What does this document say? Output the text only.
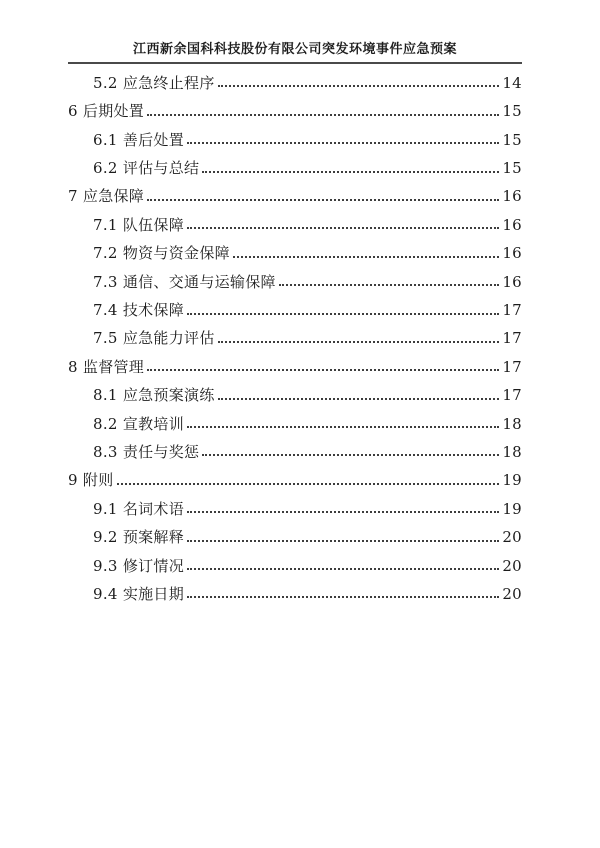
江西新余国科科技股份有限公司突发环境事件应急预案
5.2 应急终止程序	14
6 后期处置	15
6.1 善后处置	15
6.2 评估与总结	15
7 应急保障	16
7.1 队伍保障	16
7.2 物资与资金保障	16
7.3 通信、交通与运输保障	16
7.4 技术保障	17
7.5 应急能力评估	17
8 监督管理	17
8.1 应急预案演练	17
8.2 宣教培训	18
8.3 责任与奖惩	18
9 附则	19
9.1 名词术语	19
9.2 预案解释	20
9.3 修订情况	20
9.4 实施日期	20
